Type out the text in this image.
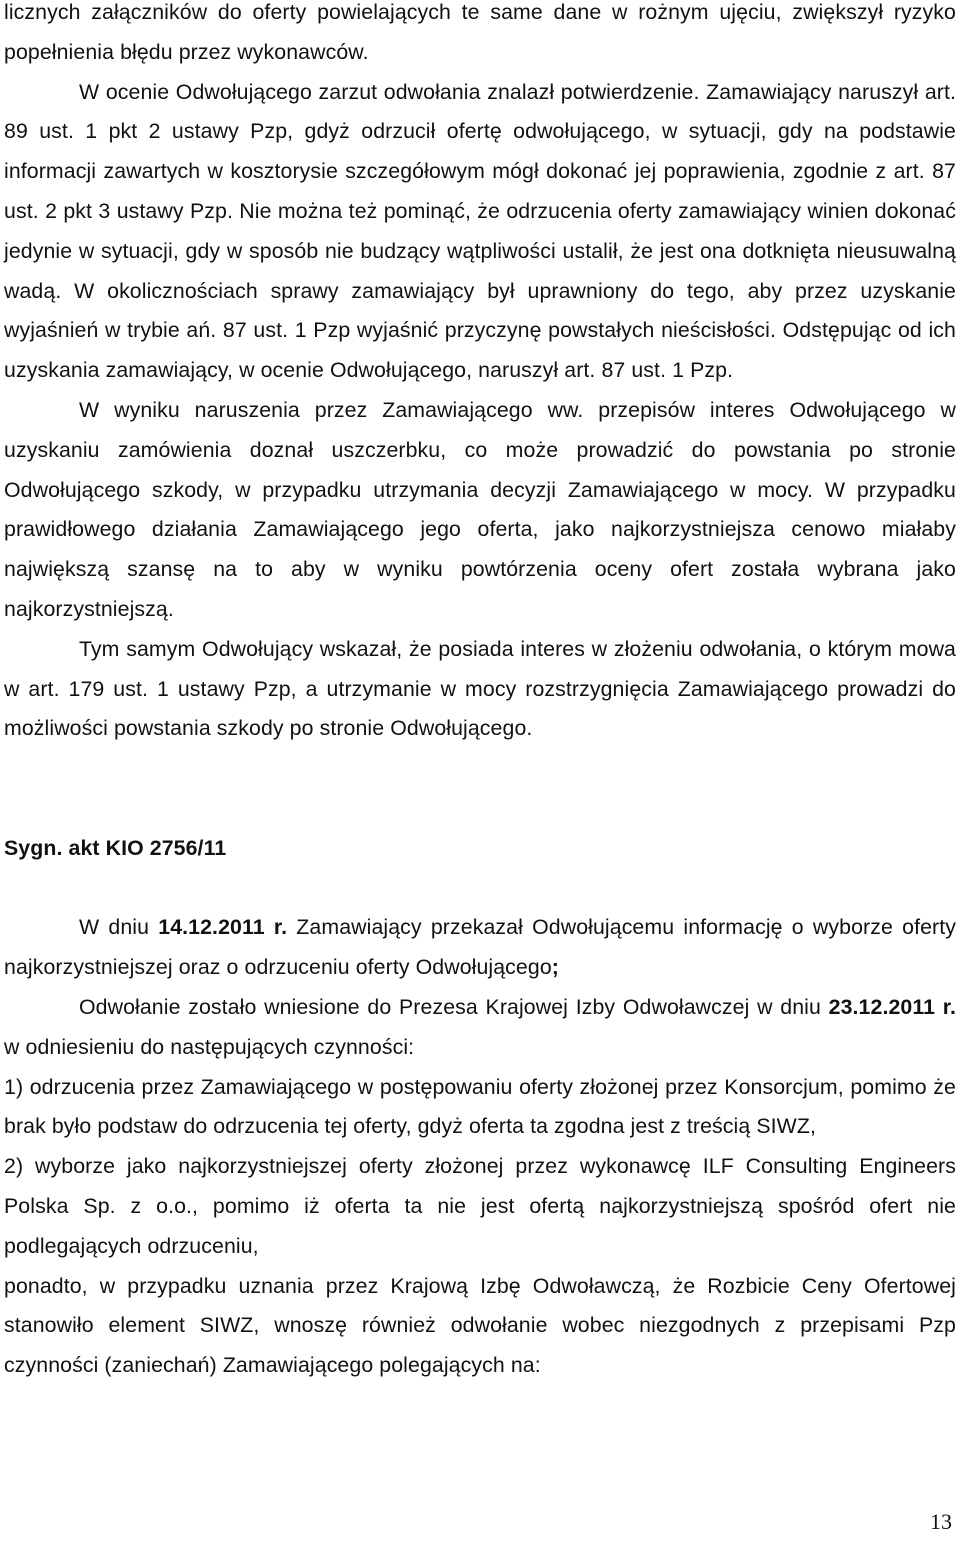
licznych załączników do oferty powielających te same dane w rożnym ujęciu, zwiększył ryzyko popełnienia błędu przez wykonawców.

W ocenie Odwołującego zarzut odwołania znalazł potwierdzenie. Zamawiający naruszył art. 89 ust. 1 pkt 2 ustawy Pzp, gdyż odrzucił ofertę odwołującego, w sytuacji, gdy na podstawie informacji zawartych w kosztorysie szczegółowym mógł dokonać jej poprawienia, zgodnie z art. 87 ust. 2 pkt 3 ustawy Pzp. Nie można też pominąć, że odrzucenia oferty zamawiający winien dokonać jedynie w sytuacji, gdy w sposób nie budzący wątpliwości ustalił, że jest ona dotknięta nieusuwalną wadą. W okolicznościach sprawy zamawiający był uprawniony do tego, aby przez uzyskanie wyjaśnień w trybie ań. 87 ust. 1 Pzp wyjaśnić przyczynę powstałych nieścisłości. Odstępując od ich uzyskania zamawiający, w ocenie Odwołującego, naruszył art. 87 ust. 1 Pzp.

W wyniku naruszenia przez Zamawiającego ww. przepisów interes Odwołującego w uzyskaniu zamówienia doznał uszczerbku, co może prowadzić do powstania po stronie Odwołującego szkody, w przypadku utrzymania decyzji Zamawiającego w mocy. W przypadku prawidłowego działania Zamawiającego jego oferta, jako najkorzystniejsza cenowo miałaby największą szansę na to aby w wyniku powtórzenia oceny ofert została wybrana jako najkorzystniejszą.

Tym samym Odwołujący wskazał, że posiada interes w złożeniu odwołania, o którym mowa w art. 179 ust. 1 ustawy Pzp, a utrzymanie w mocy rozstrzygnięcia Zamawiającego prowadzi do możliwości powstania szkody po stronie Odwołującego.

Sygn. akt KIO 2756/11

W dniu 14.12.2011 r. Zamawiający przekazał Odwołującemu informację o wyborze oferty najkorzystniejszej oraz o odrzuceniu oferty Odwołującego;

Odwołanie zostało wniesione do Prezesa Krajowej Izby Odwoławczej w dniu 23.12.2011 r. w odniesieniu do następujących czynności:

1) odrzucenia przez Zamawiającego w postępowaniu oferty złożonej przez Konsorcjum, pomimo że brak było podstaw do odrzucenia tej oferty, gdyż oferta ta zgodna jest z treścią SIWZ,

2) wyborze jako najkorzystniejszej oferty złożonej przez wykonawcę ILF Consulting Engineers Polska Sp. z o.o., pomimo iż oferta ta nie jest ofertą najkorzystniejszą spośród ofert nie podlegających odrzuceniu,

ponadto, w przypadku uznania przez Krajową Izbę Odwoławczą, że Rozbicie Ceny Ofertowej stanowiło element SIWZ, wnoszę również odwołanie wobec niezgodnych z przepisami Pzp czynności (zaniechań) Zamawiającego polegających na:

13
